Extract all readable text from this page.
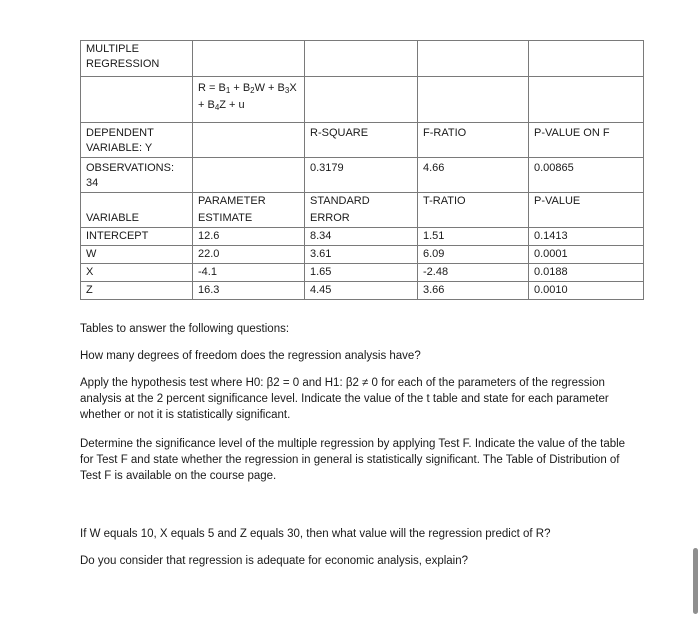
MULTIPLE REGRESSION				
	$R = B_1 + B_2W + B_3X$
+ $B_4Z + u$			
DEPENDENT VARIABLE: Y		R-SQUARE	F-RATIO	P-VALUE ON F
OBSERVATIONS: 34		0.3179	4.66	0.00865
	PARAMETER	STANDARD	T-RATIO	P-VALUE
VARIABLE	ESTIMATE	ERROR		
INTERCEPT	12.6	8.34	1.51	0.1413
W	22.0	3.61	6.09	0.0001
X	-4.1	1.65	-2.48	0.0188
Z	16.3	4.45	3.66	0.0010

Tables to answer the following questions:

How many degrees of freedom does the regression analysis have?

Apply the hypothesis test where H0: β2 = 0 and H1: β2 ≠ 0 for each of the parameters of the regression analysis at the 2 percent significance level. Indicate the value of the t table and state for each parameter whether or not it is statistically significant.

Determine the significance level of the multiple regression by applying Test F. Indicate the value of the table for Test F and state whether the regression in general is statistically significant. The Table of Distribution of Test F is available on the course page.

If W equals 10, X equals 5 and Z equals 30, then what value will the regression predict of R?

Do you consider that regression is adequate for economic analysis, explain?
